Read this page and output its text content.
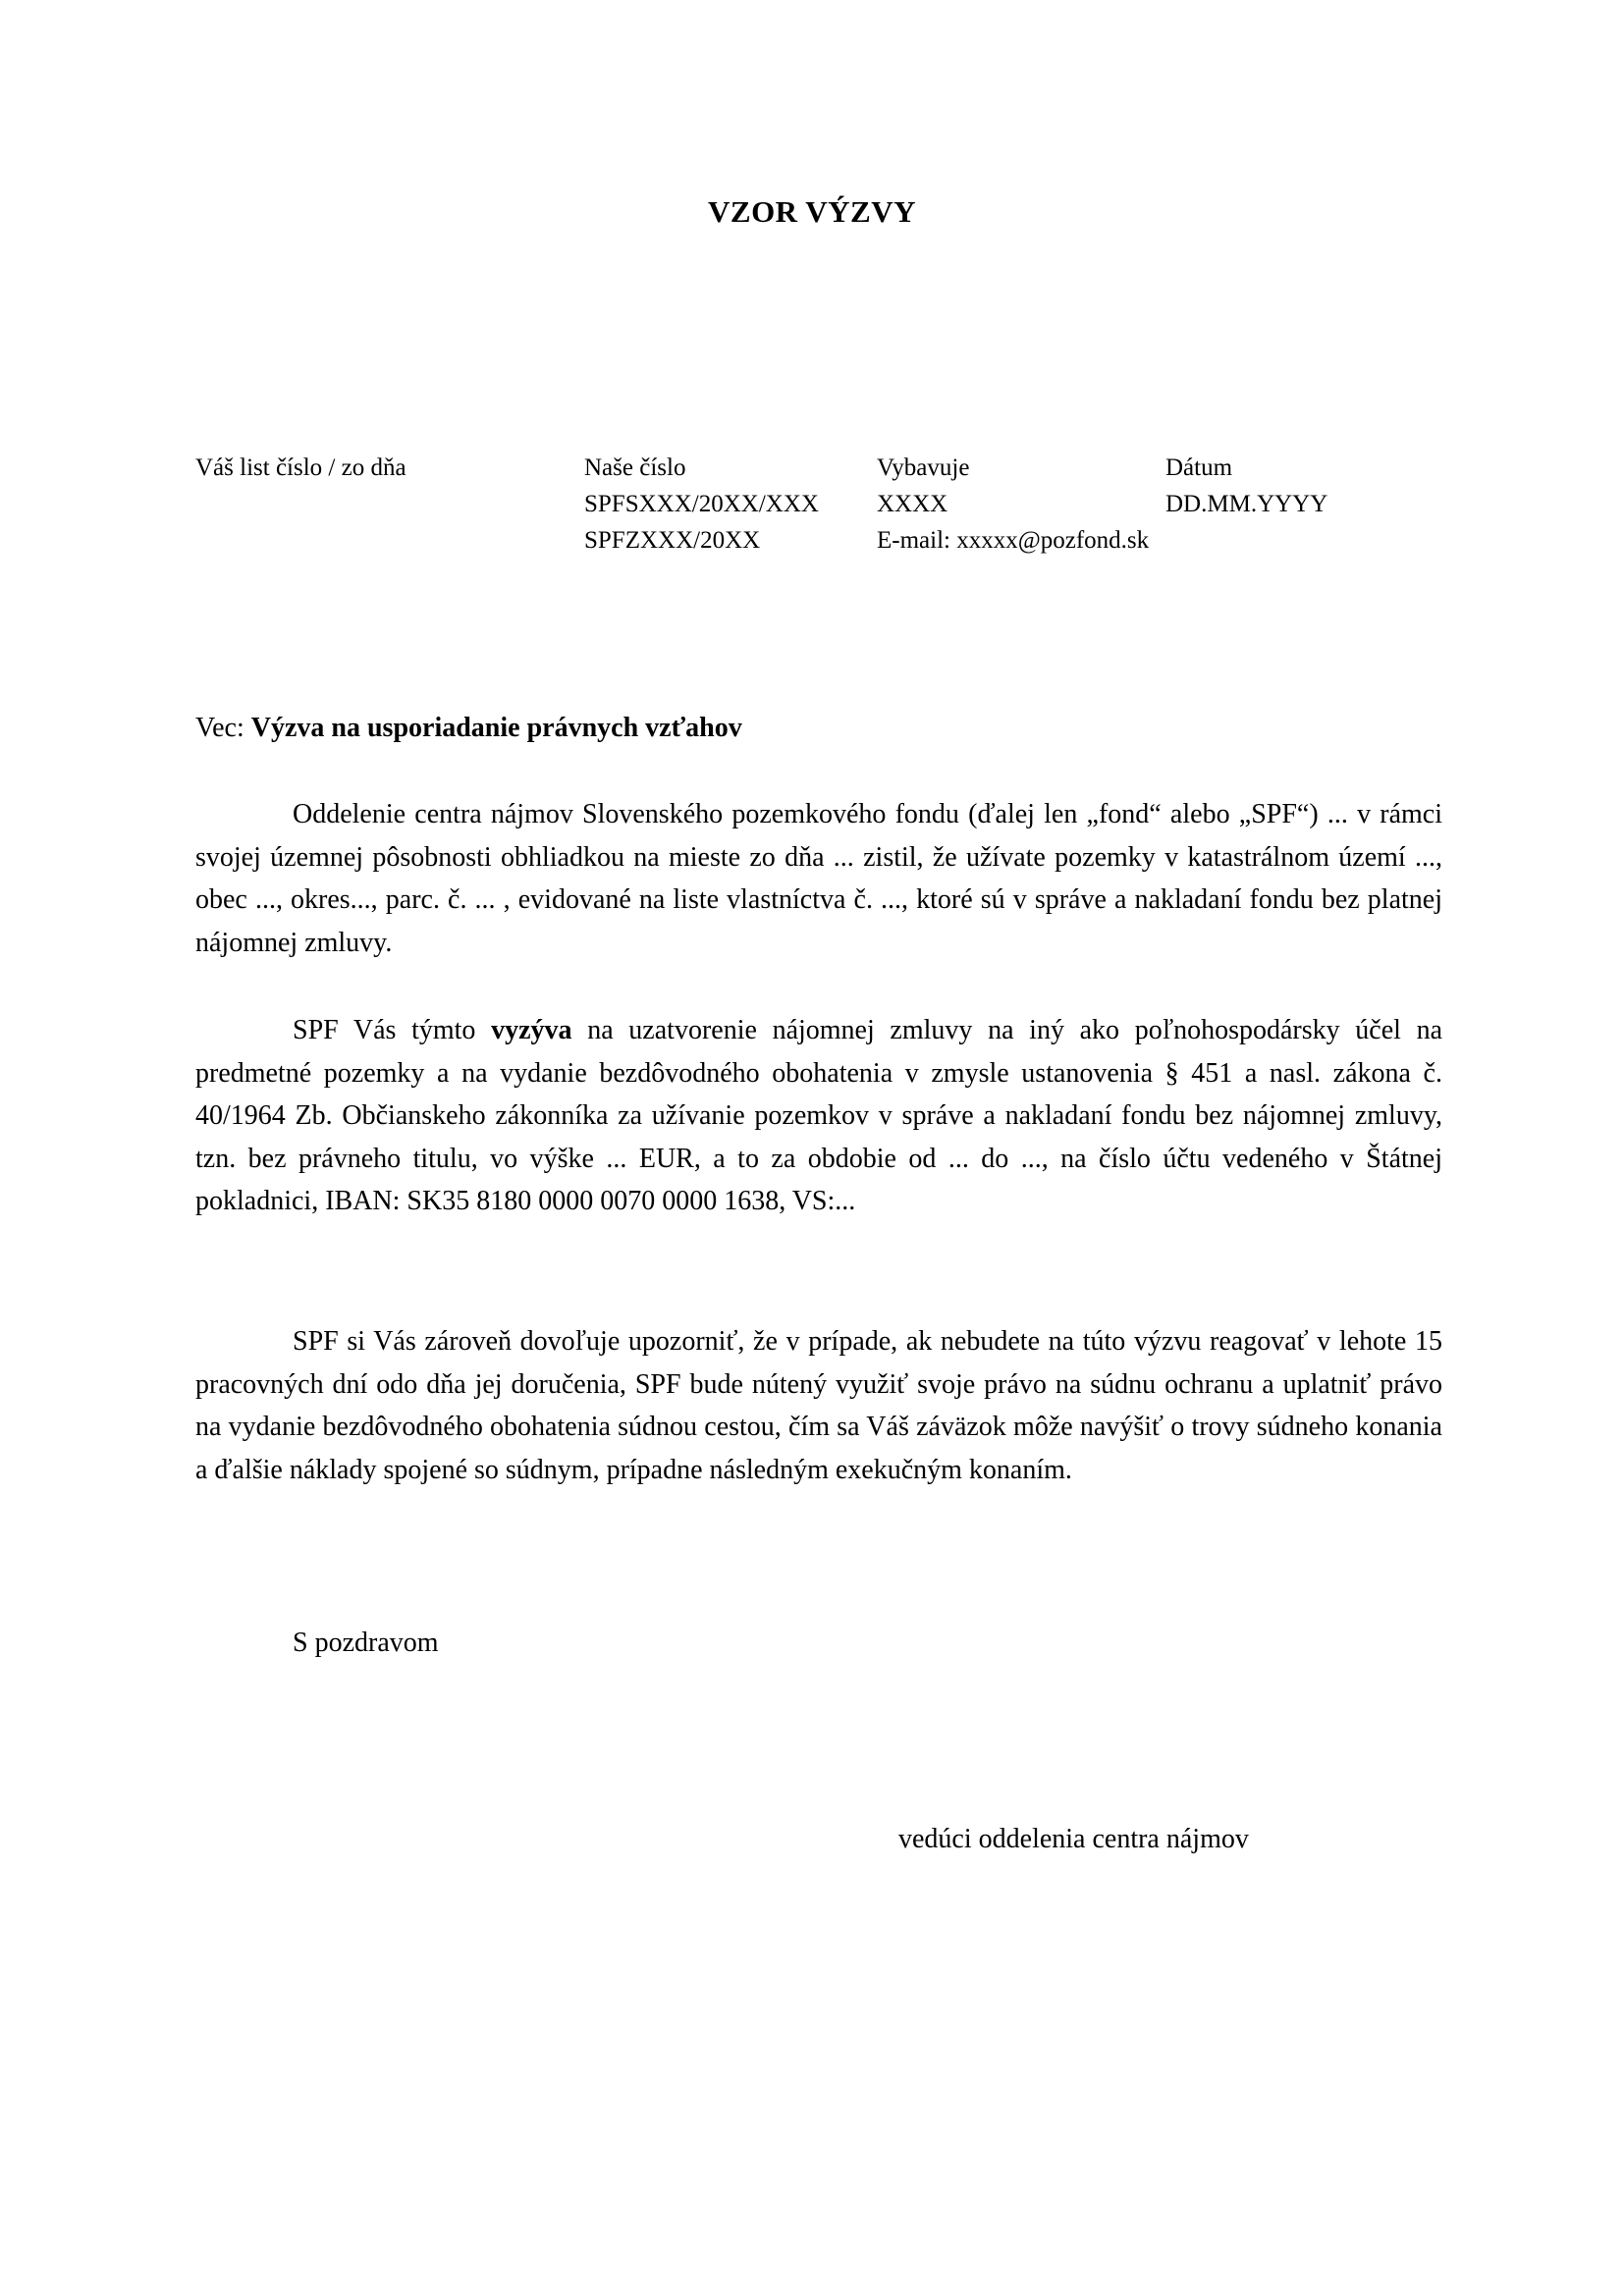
VZOR VÝZVY
Váš list číslo / zo dňa	Naše číslo
SPFSXXX/20XX/XXX
SPFZXXX/20XX
Vybavuje
XXXX
E-mail: xxxxx@pozfond.sk
Dátum
DD.MM.YYYY
Vec: Výzva na usporiadanie právnych vzťahov

Oddelenie centra nájmov Slovenského pozemkového fondu (ďalej len „fond“ alebo „SPF“) ... v rámci svojej územnej pôsobnosti obhliadkou na mieste zo dňa ... zistil, že užívate pozemky v katastrálnom území ..., obec ..., okres..., parc. č. ... , evidované na liste vlastníctva č. ..., ktoré sú v správe a nakladaní fondu bez platnej nájomnej zmluvy.

SPF Vás týmto vyzýva na uzatvorenie nájomnej zmluvy na iný ako poľnohospodársky účel na predmetné pozemky a na vydanie bezdôvodného obohatenia v zmysle ustanovenia § 451 a nasl. zákona č. 40/1964 Zb. Občianskeho zákonníka za užívanie pozemkov v správe a nakladaní fondu bez nájomnej zmluvy, tzn. bez právneho titulu, vo výške ... EUR, a to za obdobie od ... do ..., na číslo účtu vedeného v Štátnej pokladnici, IBAN: SK35 8180 0000 0070 0000 1638, VS:...

SPF si Vás zároveň dovoľuje upozorniť, že v prípade, ak nebudete na túto výzvu reagovať v lehote 15 pracovných dní odo dňa jej doručenia, SPF bude nútený využiť svoje právo na súdnu ochranu a uplatniť právo na vydanie bezdôvodného obohatenia súdnou cestou, čím sa Váš záväzok môže navýšiť o trovy súdneho konania a ďalšie náklady spojené so súdnym, prípadne následným exekučným konaním.

S pozdravom
vedúci oddelenia centra nájmov
